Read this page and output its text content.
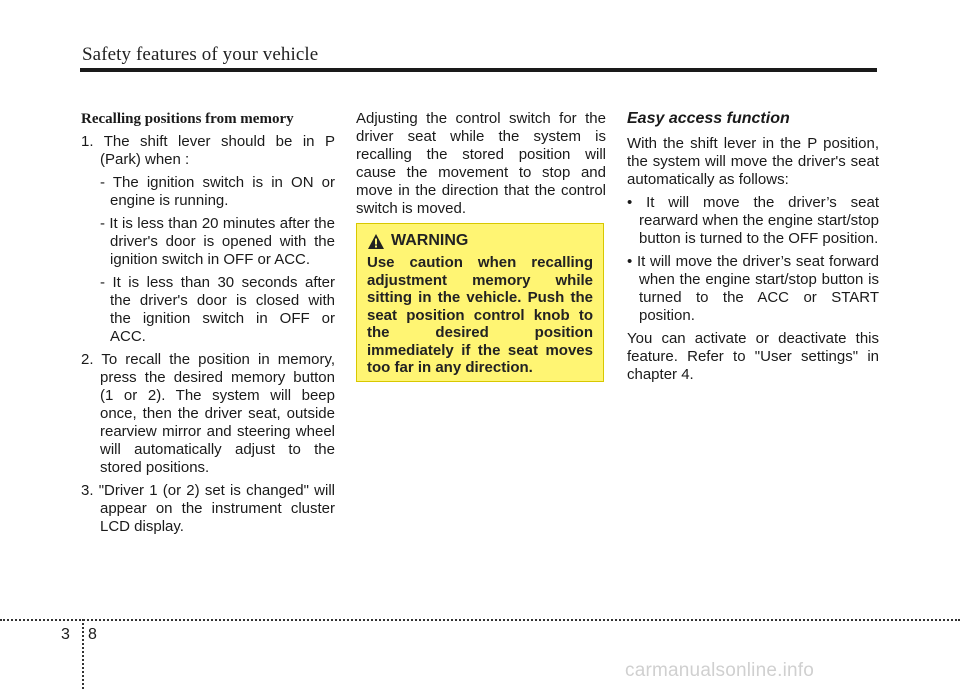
Safety features of your vehicle

Recalling positions from memory

1. The shift lever should be in P (Park) when :

- The ignition switch is in ON or engine is running.

- It is less than 20 minutes after the driver's door is opened with the ignition switch in OFF or ACC.

- It is less than 30 seconds after the driver's door is closed with the ignition switch in OFF or ACC.

2. To recall the position in memory, press the desired memory button (1 or 2). The system will beep once, then the driver seat, outside rearview mirror and steering wheel will automatically adjust to the stored positions.

3. "Driver 1 (or 2) set is changed" will appear on the instrument cluster LCD display.

Adjusting the control switch for the driver seat while the system is recalling the stored position will cause the movement to stop and move in the direction that the control switch is moved.

WARNING
Use caution when recalling adjustment memory while sitting in the vehicle. Push the seat position control knob to the desired position immediately if the seat moves too far in any direction.

Easy access function

With the shift lever in the P position, the system will move the driver's seat automatically as follows:

• It will move the driver’s seat rearward when the engine start/stop button is turned to the OFF position.

• It will move the driver’s seat forward when the engine start/stop button is turned to the ACC or START position.

You can activate or deactivate this feature. Refer to "User settings" in chapter 4.

3 8
carmanualsonline.info
